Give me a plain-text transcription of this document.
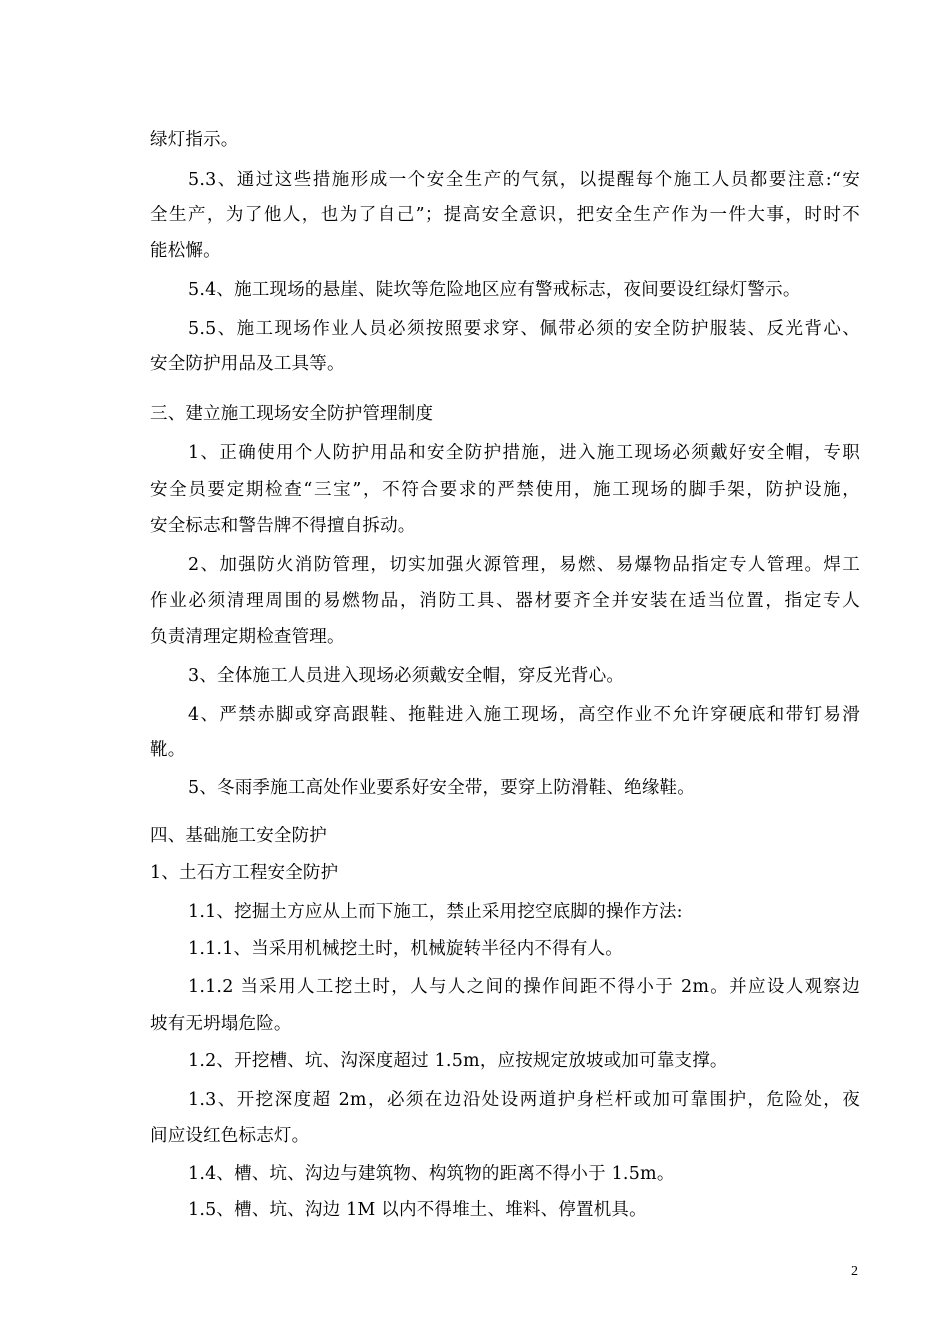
绿灯指示。
5.3、通过这些措施形成一个安全生产的气氛，以提醒每个施工人员都要注意:“安
全生产，为了他人，也为了自己”；提高安全意识，把安全生产作为一件大事，时时不
能松懈。
5.4、施工现场的悬崖、陡坎等危险地区应有警戒标志，夜间要设红绿灯警示。
5.5、施工现场作业人员必须按照要求穿、佩带必须的安全防护服装、反光背心、
安全防护用品及工具等。
三、建立施工现场安全防护管理制度
1、正确使用个人防护用品和安全防护措施，进入施工现场必须戴好安全帽，专职
安全员要定期检查“三宝”，不符合要求的严禁使用，施工现场的脚手架，防护设施，
安全标志和警告牌不得擅自拆动。
2、加强防火消防管理，切实加强火源管理，易燃、易爆物品指定专人管理。焊工
作业必须清理周围的易燃物品，消防工具、器材要齐全并安装在适当位置，指定专人
负责清理定期检查管理。
3、全体施工人员进入现场必须戴安全帽，穿反光背心。
4、严禁赤脚或穿高跟鞋、拖鞋进入施工现场，高空作业不允许穿硬底和带钉易滑
靴。
5、冬雨季施工高处作业要系好安全带，要穿上防滑鞋、绝缘鞋。
四、基础施工安全防护
1、土石方工程安全防护
1.1、挖掘土方应从上而下施工，禁止采用挖空底脚的操作方法:
1.1.1、当采用机械挖土时，机械旋转半径内不得有人。
1.1.2 当采用人工挖土时，人与人之间的操作间距不得小于 2m。并应设人观察边
坡有无坍塌危险。
1.2、开挖槽、坑、沟深度超过 1.5m，应按规定放坡或加可靠支撑。
1.3、开挖深度超 2m，必须在边沿处设两道护身栏杆或加可靠围护，危险处，夜
间应设红色标志灯。
1.4、槽、坑、沟边与建筑物、构筑物的距离不得小于 1.5m。
1.5、槽、坑、沟边 1M 以内不得堆土、堆料、停置机具。
2
